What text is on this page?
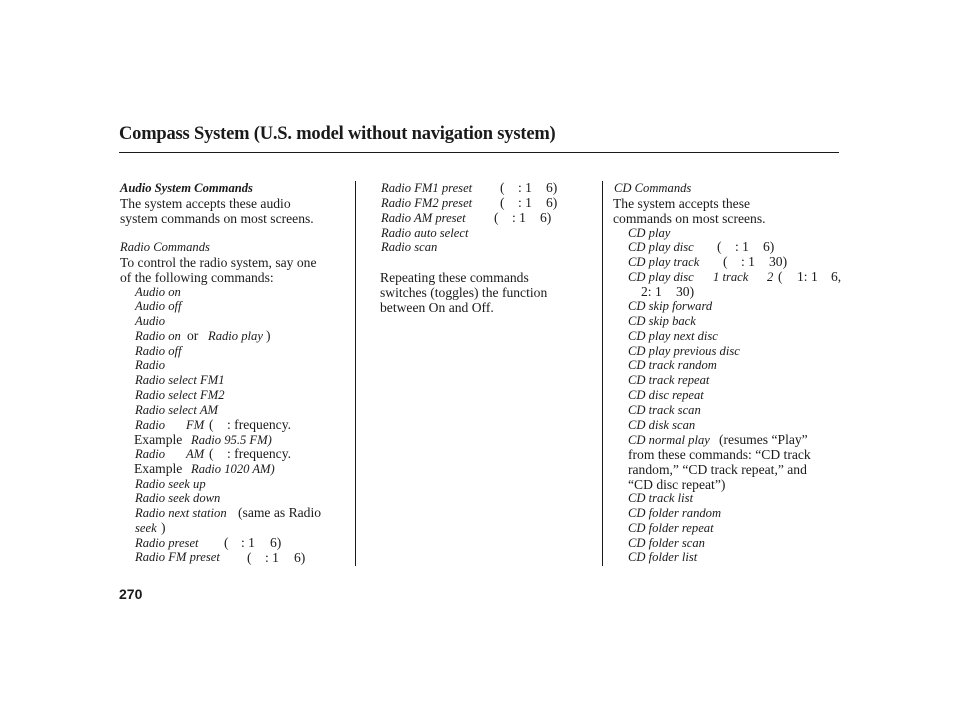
Compass System (U.S. model without navigation system)
Audio System Commands
The system accepts these audio
system commands on most screens.
Radio Commands
To control the radio system, say one
of the following commands:
Audio on
Audio off
Audio
Radio on or Radio play )
Radio off
Radio
Radio select FM1
Radio select FM2
Radio select AM
Radio FM ( : frequency.
Example Radio 95.5 FM)
Radio AM ( : frequency.
Example Radio 1020 AM)
Radio seek up
Radio seek down
Radio next station (same as Radio
seek )
Radio preset ( : 1 6)
Radio FM preset ( : 1 6)
Radio FM1 preset ( : 1 6)
Radio FM2 preset ( : 1 6)
Radio AM preset ( : 1 6)
Radio auto select
Radio scan
Repeating these commands
switches (toggles) the function
between On and Off.
CD Commands
The system accepts these
commands on most screens.
CD play
CD play disc ( : 1 6)
CD play track ( : 1 30)
CD play disc 1 track 2 ( 1: 1 6,
2: 1 30)
CD skip forward
CD skip back
CD play next disc
CD play previous disc
CD track random
CD track repeat
CD disc repeat
CD track scan
CD disk scan
CD normal play (resumes “Play”
from these commands: “CD track
random,” “CD track repeat,” and
“CD disc repeat”)
CD track list
CD folder random
CD folder repeat
CD folder scan
CD folder list
270
